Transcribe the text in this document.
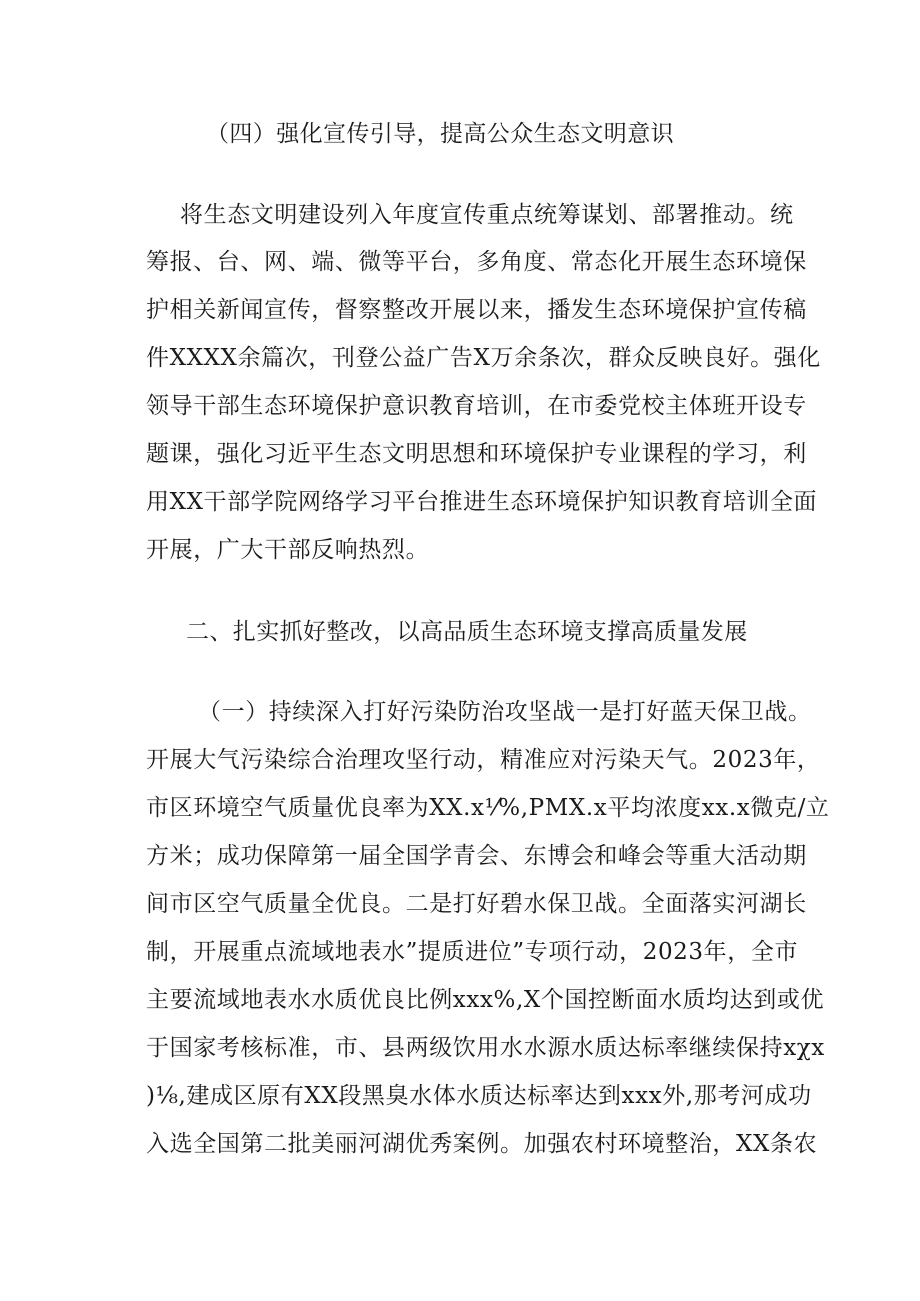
（四）强化宣传引导，提高公众生态文明意识
将生态文明建设列入年度宣传重点统筹谋划、部署推动。统
筹报、台、网、端、微等平台，多角度、常态化开展生态环境保
护相关新闻宣传，督察整改开展以来，播发生态环境保护宣传稿
件XXXX余篇次，刊登公益广告X万余条次，群众反映良好。强化
领导干部生态环境保护意识教育培训，在市委党校主体班开设专
题课，强化习近平生态文明思想和环境保护专业课程的学习，利
用XX干部学院网络学习平台推进生态环境保护知识教育培训全面
开展，广大干部反响热烈。
二、扎实抓好整改，以高品质生态环境支撑高质量发展
（一）持续深入打好污染防治攻坚战一是打好蓝天保卫战。
开展大气污染综合治理攻坚行动，精准应对污染天气。2023年，
市区环境空气质量优良率为XX.x⅟%,PMX.x平均浓度xx.x微克/立
方米；成功保障第一届全国学青会、东博会和峰会等重大活动期
间市区空气质量全优良。二是打好碧水保卫战。全面落实河湖长
制，开展重点流域地表水”提质进位”专项行动，2023年，全市
主要流域地表水水质优良比例xxx%,X个国控断面水质均达到或优
于国家考核标准，市、县两级饮用水水源水质达标率继续保持xχx
)⅛,建成区原有XX段黑臭水体水质达标率达到xxx外,那考河成功
入选全国第二批美丽河湖优秀案例。加强农村环境整治，XX条农
